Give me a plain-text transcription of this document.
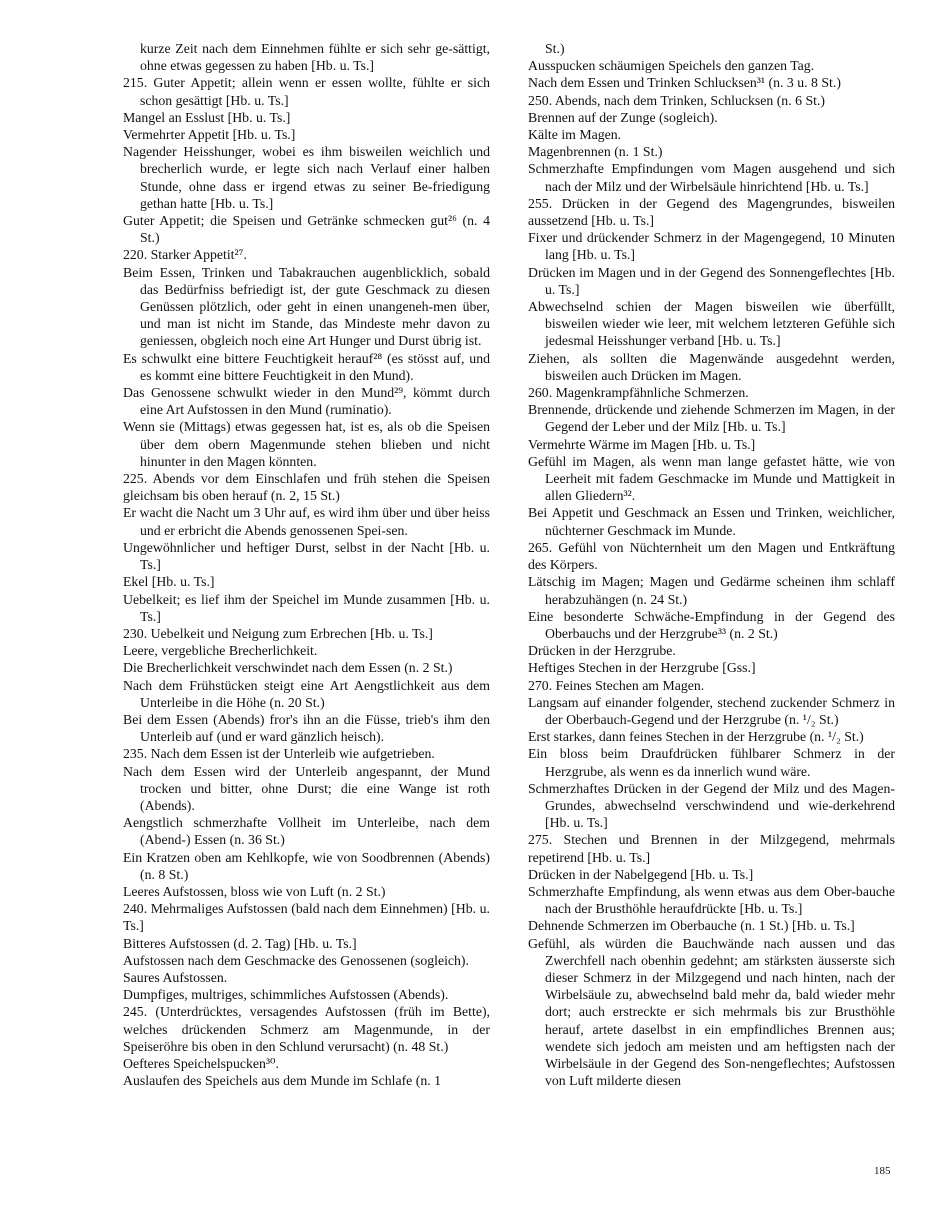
kurze Zeit nach dem Einnehmen fühlte er sich sehr ge-sättigt, ohne etwas gegessen zu haben [Hb. u. Ts.]
215. Guter Appetit; allein wenn er essen wollte, fühlte er sich schon gesättigt [Hb. u. Ts.]
Mangel an Esslust [Hb. u. Ts.]
Vermehrter Appetit [Hb. u. Ts.]
Nagender Heisshunger, wobei es ihm bisweilen weichlich und brecherlich wurde, er legte sich nach Verlauf einer halben Stunde, ohne dass er irgend etwas zu seiner Be-friedigung gethan hatte [Hb. u. Ts.]
Guter Appetit; die Speisen und Getränke schmecken gut²⁶ (n. 4 St.)
220. Starker Appetit²⁷.
Beim Essen, Trinken und Tabakrauchen augenblicklich, sobald das Bedürfniss befriedigt ist, der gute Geschmack zu diesen Genüssen plötzlich, oder geht in einen unangeneh-men über, und man ist nicht im Stande, das Mindeste mehr davon zu geniessen, obgleich noch eine Art Hunger und Durst übrig ist.
Es schwulkt eine bittere Feuchtigkeit herauf²⁸ (es stösst auf, und es kommt eine bittere Feuchtigkeit in den Mund).
Das Genossene schwulkt wieder in den Mund²⁹, kömmt durch eine Art Aufstossen in den Mund (ruminatio).
Wenn sie (Mittags) etwas gegessen hat, ist es, als ob die Speisen über dem obern Magenmunde stehen blieben und nicht hinunter in den Magen könnten.
225. Abends vor dem Einschlafen und früh stehen die Speisen gleichsam bis oben herauf (n. 2, 15 St.)
Er wacht die Nacht um 3 Uhr auf, es wird ihm über und über heiss und er erbricht die Abends genossenen Spei-sen.
Ungewöhnlicher und heftiger Durst, selbst in der Nacht [Hb. u. Ts.]
Ekel [Hb. u. Ts.]
Uebelkeit; es lief ihm der Speichel im Munde zusammen [Hb. u. Ts.]
230. Uebelkeit und Neigung zum Erbrechen [Hb. u. Ts.]
Leere, vergebliche Brecherlichkeit.
Die Brecherlichkeit verschwindet nach dem Essen (n. 2 St.)
Nach dem Frühstücken steigt eine Art Aengstlichkeit aus dem Unterleibe in die Höhe (n. 20 St.)
Bei dem Essen (Abends) fror's ihn an die Füsse, trieb's ihm den Unterleib auf (und er ward gänzlich heisch).
235. Nach dem Essen ist der Unterleib wie aufgetrieben.
Nach dem Essen wird der Unterleib angespannt, der Mund trocken und bitter, ohne Durst; die eine Wange ist roth (Abends).
Aengstlich schmerzhafte Vollheit im Unterleibe, nach dem (Abend-) Essen (n. 36 St.)
Ein Kratzen oben am Kehlkopfe, wie von Soodbrennen (Abends) (n. 8 St.)
Leeres Aufstossen, bloss wie von Luft (n. 2 St.)
240. Mehrmaliges Aufstossen (bald nach dem Einnehmen) [Hb. u. Ts.]
Bitteres Aufstossen (d. 2. Tag) [Hb. u. Ts.]
Aufstossen nach dem Geschmacke des Genossenen (sogleich).
Saures Aufstossen.
Dumpfiges, multriges, schimmliches Aufstossen (Abends).
245. (Unterdrücktes, versagendes Aufstossen (früh im Bette), welches drückenden Schmerz am Magenmunde, in der Speiseröhre bis oben in den Schlund verursacht) (n. 48 St.)
Oefteres Speichelspucken³⁰.
Auslaufen des Speichels aus dem Munde im Schlafe (n. 1
St.)
Ausspucken schäumigen Speichels den ganzen Tag.
Nach dem Essen und Trinken Schlucksen³¹ (n. 3 u. 8 St.)
250. Abends, nach dem Trinken, Schlucksen (n. 6 St.)
Brennen auf der Zunge (sogleich).
Kälte im Magen.
Magenbrennen (n. 1 St.)
Schmerzhafte Empfindungen vom Magen ausgehend und sich nach der Milz und der Wirbelsäule hinrichtend [Hb. u. Ts.]
255. Drücken in der Gegend des Magengrundes, bisweilen aussetzend [Hb. u. Ts.]
Fixer und drückender Schmerz in der Magengegend, 10 Minuten lang [Hb. u. Ts.]
Drücken im Magen und in der Gegend des Sonnengeflechtes [Hb. u. Ts.]
Abwechselnd schien der Magen bisweilen wie überfüllt, bisweilen wieder wie leer, mit welchem letzteren Gefühle sich jedesmal Heisshunger verband [Hb. u. Ts.]
Ziehen, als sollten die Magenwände ausgedehnt werden, bisweilen auch Drücken im Magen.
260. Magenkrampfähnliche Schmerzen.
Brennende, drückende und ziehende Schmerzen im Magen, in der Gegend der Leber und der Milz [Hb. u. Ts.]
Vermehrte Wärme im Magen [Hb. u. Ts.]
Gefühl im Magen, als wenn man lange gefastet hätte, wie von Leerheit mit fadem Geschmacke im Munde und Mattigkeit in allen Gliedern³².
Bei Appetit und Geschmack an Essen und Trinken, weichlicher, nüchterner Geschmack im Munde.
265. Gefühl von Nüchternheit um den Magen und Entkräftung des Körpers.
Lätschig im Magen; Magen und Gedärme scheinen ihm schlaff herabzuhängen (n. 24 St.)
Eine besonderte Schwäche-Empfindung in der Gegend des Oberbauchs und der Herzgrube³³ (n. 2 St.)
Drücken in der Herzgrube.
Heftiges Stechen in der Herzgrube [Gss.]
270. Feines Stechen am Magen.
Langsam auf einander folgender, stechend zuckender Schmerz in der Oberbauch-Gegend und der Herzgrube (n. ¹/₂ St.)
Erst starkes, dann feines Stechen in der Herzgrube (n. ¹/₂ St.)
Ein bloss beim Draufdrücken fühlbarer Schmerz in der Herzgrube, als wenn es da innerlich wund wäre.
Schmerzhaftes Drücken in der Gegend der Milz und des Magen-Grundes, abwechselnd verschwindend und wie-derkehrend [Hb. u. Ts.]
275. Stechen und Brennen in der Milzgegend, mehrmals repetirend [Hb. u. Ts.]
Drücken in der Nabelgegend [Hb. u. Ts.]
Schmerzhafte Empfindung, als wenn etwas aus dem Ober-bauche nach der Brusthöhle heraufdrückte [Hb. u. Ts.]
Dehnende Schmerzen im Oberbauche (n. 1 St.) [Hb. u. Ts.]
Gefühl, als würden die Bauchwände nach aussen und das Zwerchfell nach obenhin gedehnt; am stärksten äusserste sich dieser Schmerz in der Milzgegend und nach hinten, nach der Wirbelsäule zu, abwechselnd bald mehr da, bald wieder mehr dort; auch erstreckte er sich mehrmals bis zur Brusthöhle herauf, artete daselbst in ein empfindliches Brennen aus; wendete sich jedoch am meisten und am heftigsten nach der Wirbelsäule in der Gegend des Son-nengeflechtes; Aufstossen von Luft milderte diesen
185
